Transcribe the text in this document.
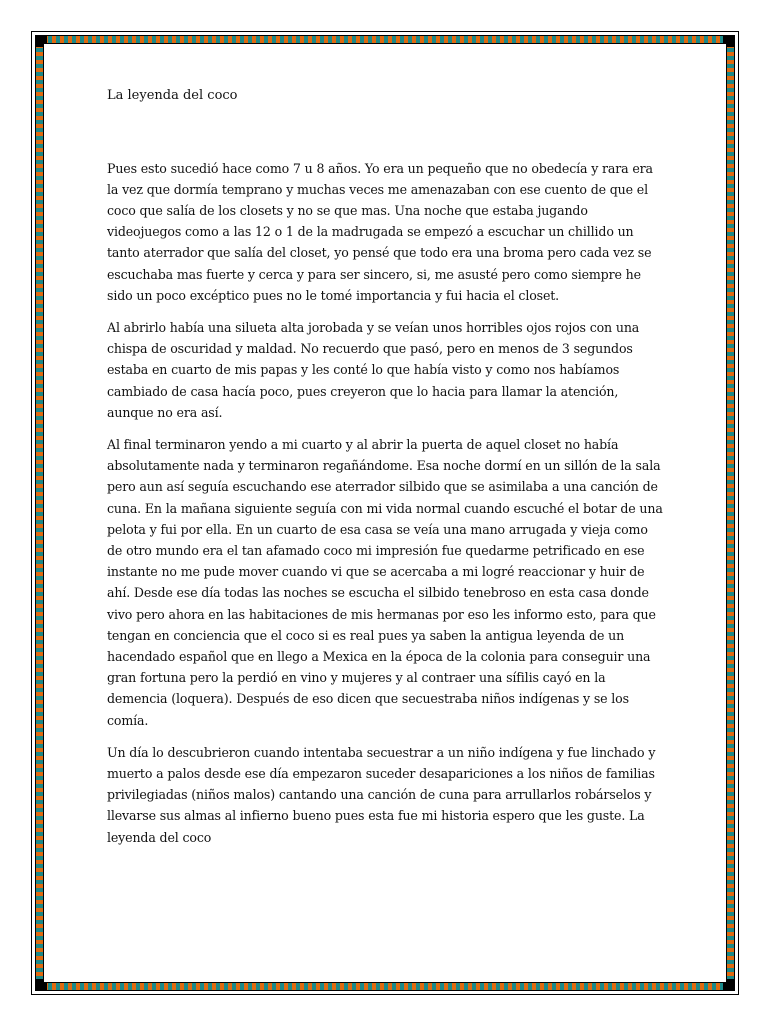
La leyenda del coco

Pues esto sucedió hace como 7 u 8 años. Yo era un pequeño que no obedecía y rara era la vez que dormía temprano y muchas veces me amenazaban con ese cuento de que el coco que salía de los closets y no se que mas. Una noche que estaba jugando videojuegos como a las 12 o 1 de la madrugada se empezó a escuchar un chillido un tanto aterrador que salía del closet, yo pensé que todo era una broma pero cada vez se escuchaba mas fuerte y cerca y para ser sincero, si, me asusté pero como siempre he sido un poco excéptico pues no le tomé importancia y fui hacia el closet.

Al abrirlo había una silueta alta jorobada y se veían unos horribles ojos rojos con una chispa de oscuridad y maldad. No recuerdo que pasó, pero en menos de 3 segundos estaba en cuarto de mis papas y les conté lo que había visto y como nos habíamos cambiado de casa hacía poco, pues creyeron que lo hacia para llamar la atención, aunque no era así.

Al final terminaron yendo a mi cuarto y al abrir la puerta de aquel closet no había absolutamente nada y terminaron regañándome. Esa noche dormí en un sillón de la sala pero aun así seguía escuchando ese aterrador silbido que se asimilaba a una canción de cuna. En la mañana siguiente seguía con mi vida normal cuando escuché el botar de una pelota y fui por ella. En un cuarto de esa casa se veía una mano arrugada y vieja como de otro mundo era el tan afamado coco mi impresión fue quedarme petrificado en ese instante no me pude mover cuando vi que se acercaba a mi logré reaccionar y huir de ahí. Desde ese día todas las noches se escucha el silbido tenebroso en esta casa donde vivo pero ahora en las habitaciones de mis hermanas por eso les informo esto, para que tengan en conciencia que el coco si es real pues ya saben la antigua leyenda de un hacendado español que en llego a Mexica en la época de la colonia para conseguir una gran fortuna pero la perdió en vino y mujeres y al contraer una sífilis cayó en la demencia (loquera). Después de eso dicen que secuestraba niños indígenas y se los comía.

Un día lo descubrieron cuando intentaba secuestrar a un niño indígena y fue linchado y muerto a palos desde ese día empezaron suceder desapariciones a los niños de familias privilegiadas (niños malos) cantando una canción de cuna para arrullarlos robárselos y llevarse sus almas al infierno bueno pues esta fue mi historia espero que les guste. La leyenda del coco
